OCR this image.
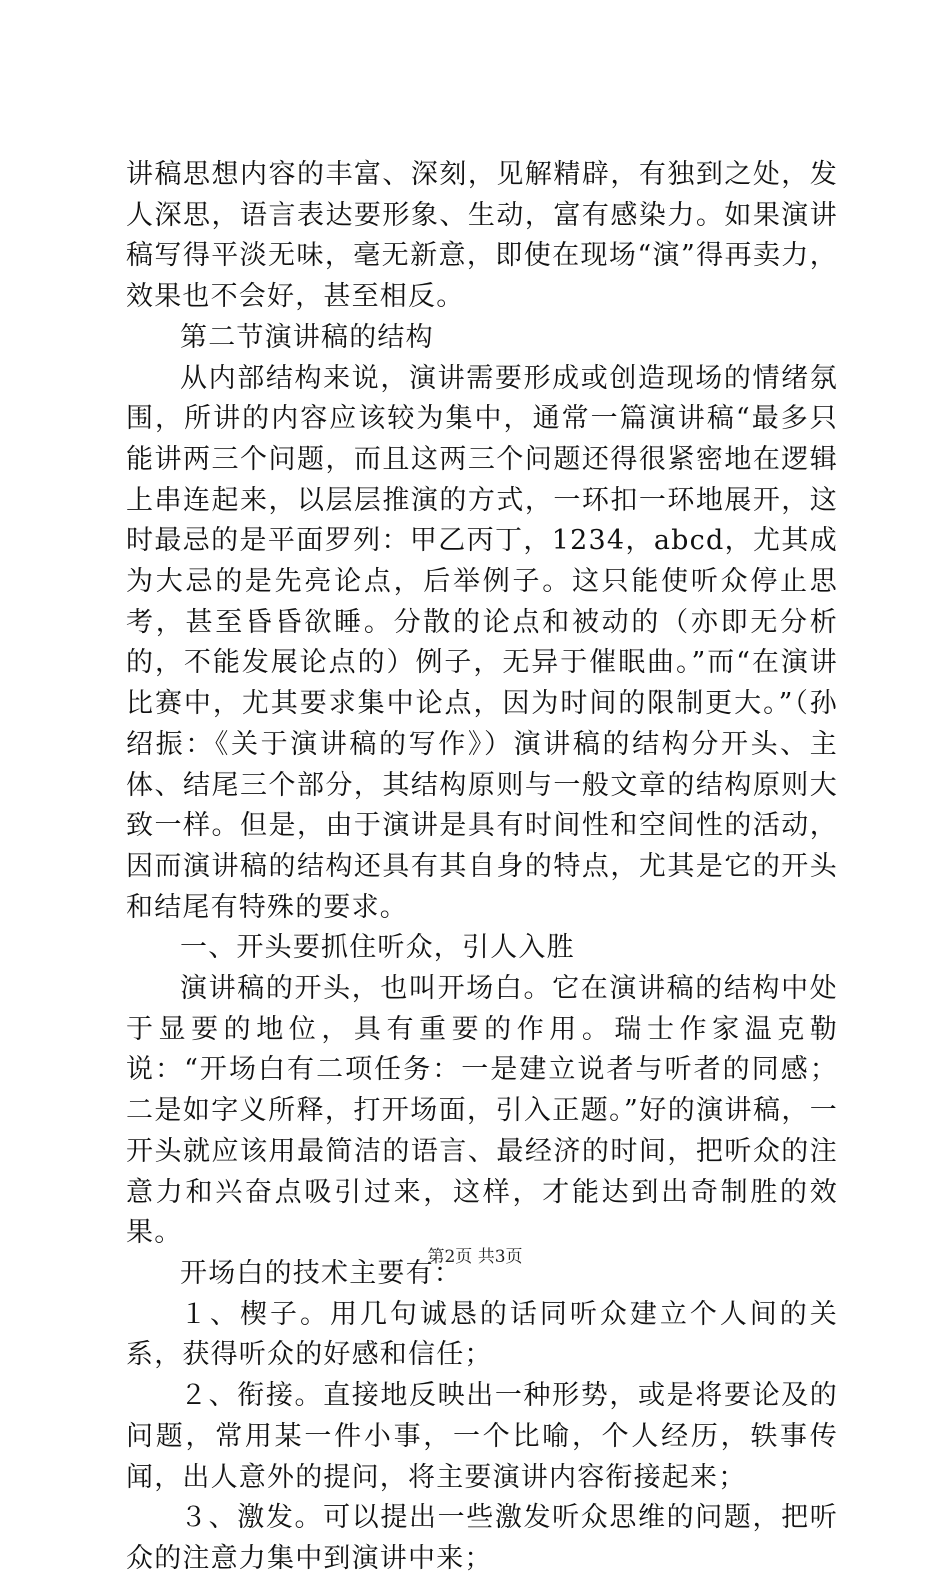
讲稿思想内容的丰富、深刻，见解精辟，有独到之处，发人深思，语言表达要形象、生动，富有感染力。如果演讲稿写得平淡无味，毫无新意，即使在现场“演”得再卖力，效果也不会好，甚至相反。

第二节演讲稿的结构

从内部结构来说，演讲需要形成或创造现场的情绪氛围，所讲的内容应该较为集中，通常一篇演讲稿“最多只能讲两三个问题，而且这两三个问题还得很紧密地在逻辑上串连起来，以层层推演的方式，一环扣一环地展开，这时最忌的是平面罗列：甲乙丙丁，1234，abcd，尤其成为大忌的是先亮论点，后举例子。这只能使听众停止思考，甚至昏昏欲睡。分散的论点和被动的（亦即无分析的，不能发展论点的）例子，无异于催眠曲。”而“在演讲比赛中，尤其要求集中论点，因为时间的限制更大。”（孙绍振：《关于演讲稿的写作》）演讲稿的结构分开头、主体、结尾三个部分，其结构原则与一般文章的结构原则大致一样。但是，由于演讲是具有时间性和空间性的活动，因而演讲稿的结构还具有其自身的特点，尤其是它的开头和结尾有特殊的要求。

一、开头要抓住听众，引人入胜

演讲稿的开头，也叫开场白。它在演讲稿的结构中处于显要的地位，具有重要的作用。瑞士作家温克勒说：“开场白有二项任务：一是建立说者与听者的同感；二是如字义所释，打开场面，引入正题。”好的演讲稿，一开头就应该用最简洁的语言、最经济的时间，把听众的注意力和兴奋点吸引过来，这样，才能达到出奇制胜的效果。

开场白的技术主要有：

１、楔子。用几句诚恳的话同听众建立个人间的关系，获得听众的好感和信任；

２、衔接。直接地反映出一种形势，或是将要论及的问题，常用某一件小事，一个比喻，个人经历，轶事传闻，出人意外的提问，将主要演讲内容衔接起来；

３、激发。可以提出一些激发听众思维的问题，把听众的注意力集中到演讲中来；

第2页 共3页
